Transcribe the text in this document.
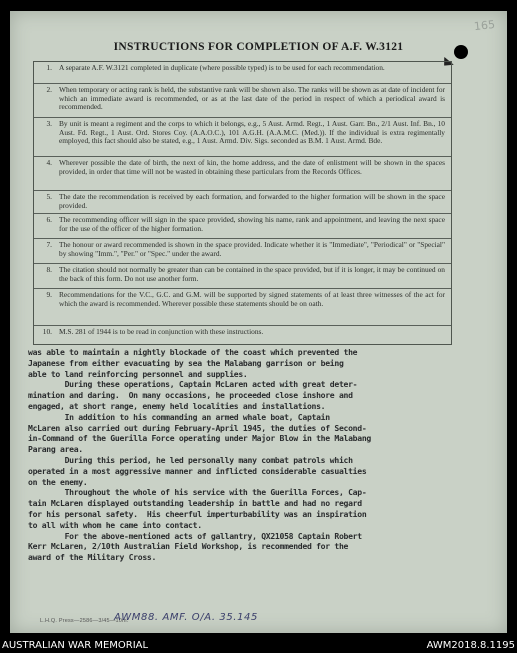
165
INSTRUCTIONS FOR COMPLETION OF A.F. W.3121
1. A separate A.F. W.3121 completed in duplicate (where possible typed) is to be used for each recommendation.
2. When temporary or acting rank is held, the substantive rank will be shown also. The ranks will be shown as at date of incident for which an immediate award is recommended, or as at the last date of the period in respect of which a periodical award is recommended.
3. By unit is meant a regiment and the corps to which it belongs, e.g., 5 Aust. Armd. Regt., 1 Aust. Garr. Bn., 2/1 Aust. Inf. Bn., 10 Aust. Fd. Regt., 1 Aust. Ord. Stores Coy. (A.A.O.C.), 101 A.G.H. (A.A.M.C. (Med.)). If the individual is extra regimentally employed, this fact should also be stated, e.g., 1 Aust. Armd. Div. Sigs. seconded as B.M. 1 Aust. Armd. Bde.
4. Wherever possible the date of birth, the next of kin, the home address, and the date of enlistment will be shown in the spaces provided, in order that time will not be wasted in obtaining these particulars from the Records Offices.
5. The date the recommendation is received by each formation, and forwarded to the higher formation will be shown in the space provided.
6. The recommending officer will sign in the space provided, showing his name, rank and appointment, and leaving the next space for the use of the officer of the higher formation.
7. The honour or award recommended is shown in the space provided. Indicate whether it is "Immediate", "Periodical" or "Special" by showing "Imm.", "Per." or "Spec." under the award.
8. The citation should not normally be greater than can be contained in the space provided, but if it is longer, it may be continued on the back of this form. Do not use another form.
9. Recommendations for the V.C., G.C. and G.M. will be supported by signed statements of at least three witnesses of the act for which the award is recommended. Wherever possible these statements should be on oath.
10. M.S. 281 of 1944 is to be read in conjunction with these instructions.
was able to maintain a nightly blockade of the coast which prevented the
Japanese from either evacuating by sea the Malabang garrison or being
able to land reinforcing personnel and supplies.
During these operations, Captain McLaren acted with great deter-
mination and daring.  On many occasions, he proceeded close inshore and
engaged, at short range, enemy held localities and installations.
In addition to his commanding an armed whale boat, Captain
McLaren also carried out during February-April 1945, the duties of Second-
in-Command of the Guerilla Force operating under Major Blow in the Malabang
Parang area.
During this period, he led personally many combat patrols which
operated in a most aggressive manner and inflicted considerable casualties
on the enemy.
Throughout the whole of his service with the Guerilla Forces, Cap-
tain McLaren displayed outstanding leadership in battle and had no regard
for his personal safety.  His cheerful imperturbability was an inspiration
to all with whom he came into contact.
For the above-mentioned acts of gallantry, QX21058 Captain Robert
Kerr McLaren, 2/10th Australian Field Workshop, is recommended for the
award of the Military Cross.
L.H.Q. Press—2586—3/45—10m.
AWM88. AMF. O/A. 35.145
AUSTRALIAN WAR MEMORIAL	AWM2018.8.1195
